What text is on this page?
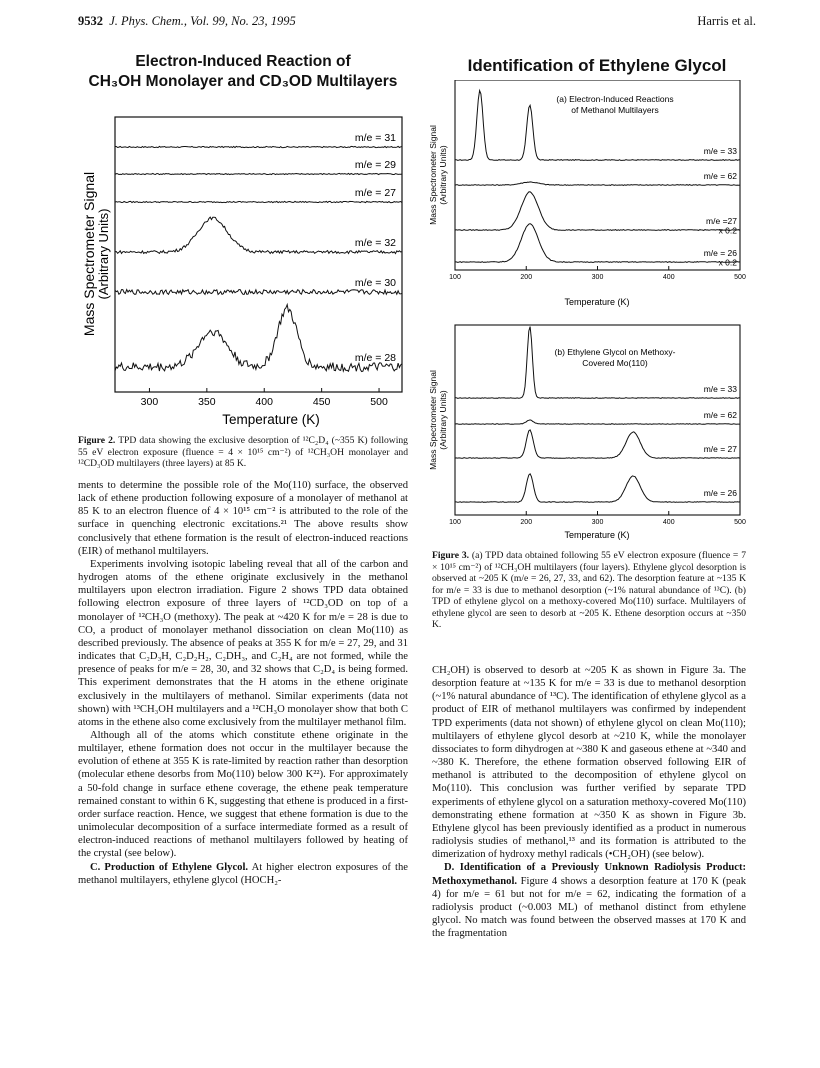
9532 J. Phys. Chem., Vol. 99, No. 23, 1995	Harris et al.
Electron-Induced Reaction of
CH₃OH Monolayer and CD₃OD Multilayers
m/e = 31
m/e = 29
m/e = 27
m/e = 32
m/e = 30
m/e = 28
300	350	400	450	500
Mass Spectrometer Signal (Arbitrary Units)
Temperature (K)
Figure 2. TPD data showing the exclusive desorption of ¹²C₂D₄ (~355 K) following 55 eV electron exposure (fluence = 4 × 10¹⁵ cm⁻²) of ¹²CH₃OH monolayer and ¹²CD₃OD multilayers (three layers) at 85 K.

ments to determine the possible role of the Mo(110) surface, the observed lack of ethene production following exposure of a monolayer of methanol at 85 K to an electron fluence of 4 × 10¹⁵ cm⁻² is attributed to the role of the surface in quenching electronic excitations.²¹ The above results show conclusively that ethene formation is the result of electron-induced reactions (EIR) of methanol multilayers.

Experiments involving isotopic labeling reveal that all of the carbon and hydrogen atoms of the ethene originate exclusively in the methanol multilayers upon electron irradiation. Figure 2 shows TPD data obtained following electron exposure of three layers of ¹²CD₃OD on top of a monolayer of ¹²CH₃O (methoxy). The peak at ~420 K for m/e = 28 is due to CO, a product of monolayer methanol dissociation on clean Mo(110) as described previously. The absence of peaks at 355 K for m/e = 27, 29, and 31 indicates that C₂D₃H, C₂D₂H₂, C₂DH₃, and C₂H₄ are not formed, while the presence of peaks for m/e = 28, 30, and 32 shows that C₂D₄ is being formed. This experiment demonstrates that the H atoms in the ethene originate exclusively in the multilayers of methanol. Similar experiments (data not shown) with ¹³CH₃OH multilayers and a ¹²CH₃O monolayer show that both C atoms in the ethene also come exclusively from the multilayer methanol film.

Although all of the atoms which constitute ethene originate in the multilayer, ethene formation does not occur in the multilayer because the evolution of ethene at 355 K is rate-limited by reaction rather than desorption (molecular ethene desorbs from Mo(110) below 300 K²²). For approximately a 50-fold change in surface ethene coverage, the ethene peak temperature remained constant to within 6 K, suggesting that ethene is produced in a first-order surface reaction. Hence, we suggest that ethene formation is due to the unimolecular decomposition of a surface intermediate formed as a result of electron-induced reactions of methanol multilayers followed by heating of the crystal (see below).

C. Production of Ethylene Glycol. At higher electron exposures of the methanol multilayers, ethylene glycol (HOCH₂-

Identification of Ethylene Glycol
(a) Electron-Induced Reactions
of Methanol Multilayers
m/e = 33
m/e = 62
m/e =27
x 0.2
m/e = 26
x 0.2
100	200	300	400	500
Mass Spectrometer Signal (Arbitrary Units)
Temperature (K)
(b) Ethylene Glycol on Methoxy-
Covered Mo(110)
m/e = 33
m/e = 62
m/e = 27
m/e = 26
100	200	300	400	500
Mass Spectrometer Signal (Arbitrary Units)
Temperature (K)
Figure 3. (a) TPD data obtained following 55 eV electron exposure (fluence = 7 × 10¹⁵ cm⁻²) of ¹²CH₃OH multilayers (four layers). Ethylene glycol desorption is observed at ~205 K (m/e = 26, 27, 33, and 62). The desorption feature at ~135 K for m/e = 33 is due to methanol desorption (~1% natural abundance of ¹³C). (b) TPD of ethylene glycol on a methoxy-covered Mo(110) surface. Multilayers of ethylene glycol are seen to desorb at ~205 K. Ethene desorption occurs at ~350 K.

CH₂OH) is observed to desorb at ~205 K as shown in Figure 3a. The desorption feature at ~135 K for m/e = 33 is due to methanol desorption (~1% natural abundance of ¹³C). The identification of ethylene glycol as a product of EIR of methanol multilayers was confirmed by independent TPD experiments (data not shown) of ethylene glycol on clean Mo(110); multilayers of ethylene glycol desorb at ~210 K, while the monolayer dissociates to form dihydrogen at ~380 K and gaseous ethene at ~340 and ~380 K. Therefore, the ethene formation observed following EIR of methanol is attributed to the decomposition of ethylene glycol on Mo(110). This conclusion was further verified by separate TPD experiments of ethylene glycol on a saturation methoxy-covered Mo(110) demonstrating ethene formation at ~350 K as shown in Figure 3b. Ethylene glycol has been previously identified as a product in numerous radiolysis studies of methanol,¹³ and its formation is attributed to the dimerization of hydroxy methyl radicals (•CH₂OH) (see below).

D. Identification of a Previously Unknown Radiolysis Product: Methoxymethanol. Figure 4 shows a desorption feature at 170 K (peak 4) for m/e = 61 but not for m/e = 62, indicating the formation of a radiolysis product (~0.003 ML) of methanol distinct from ethylene glycol. No match was found between the observed masses at 170 K and the fragmentation
